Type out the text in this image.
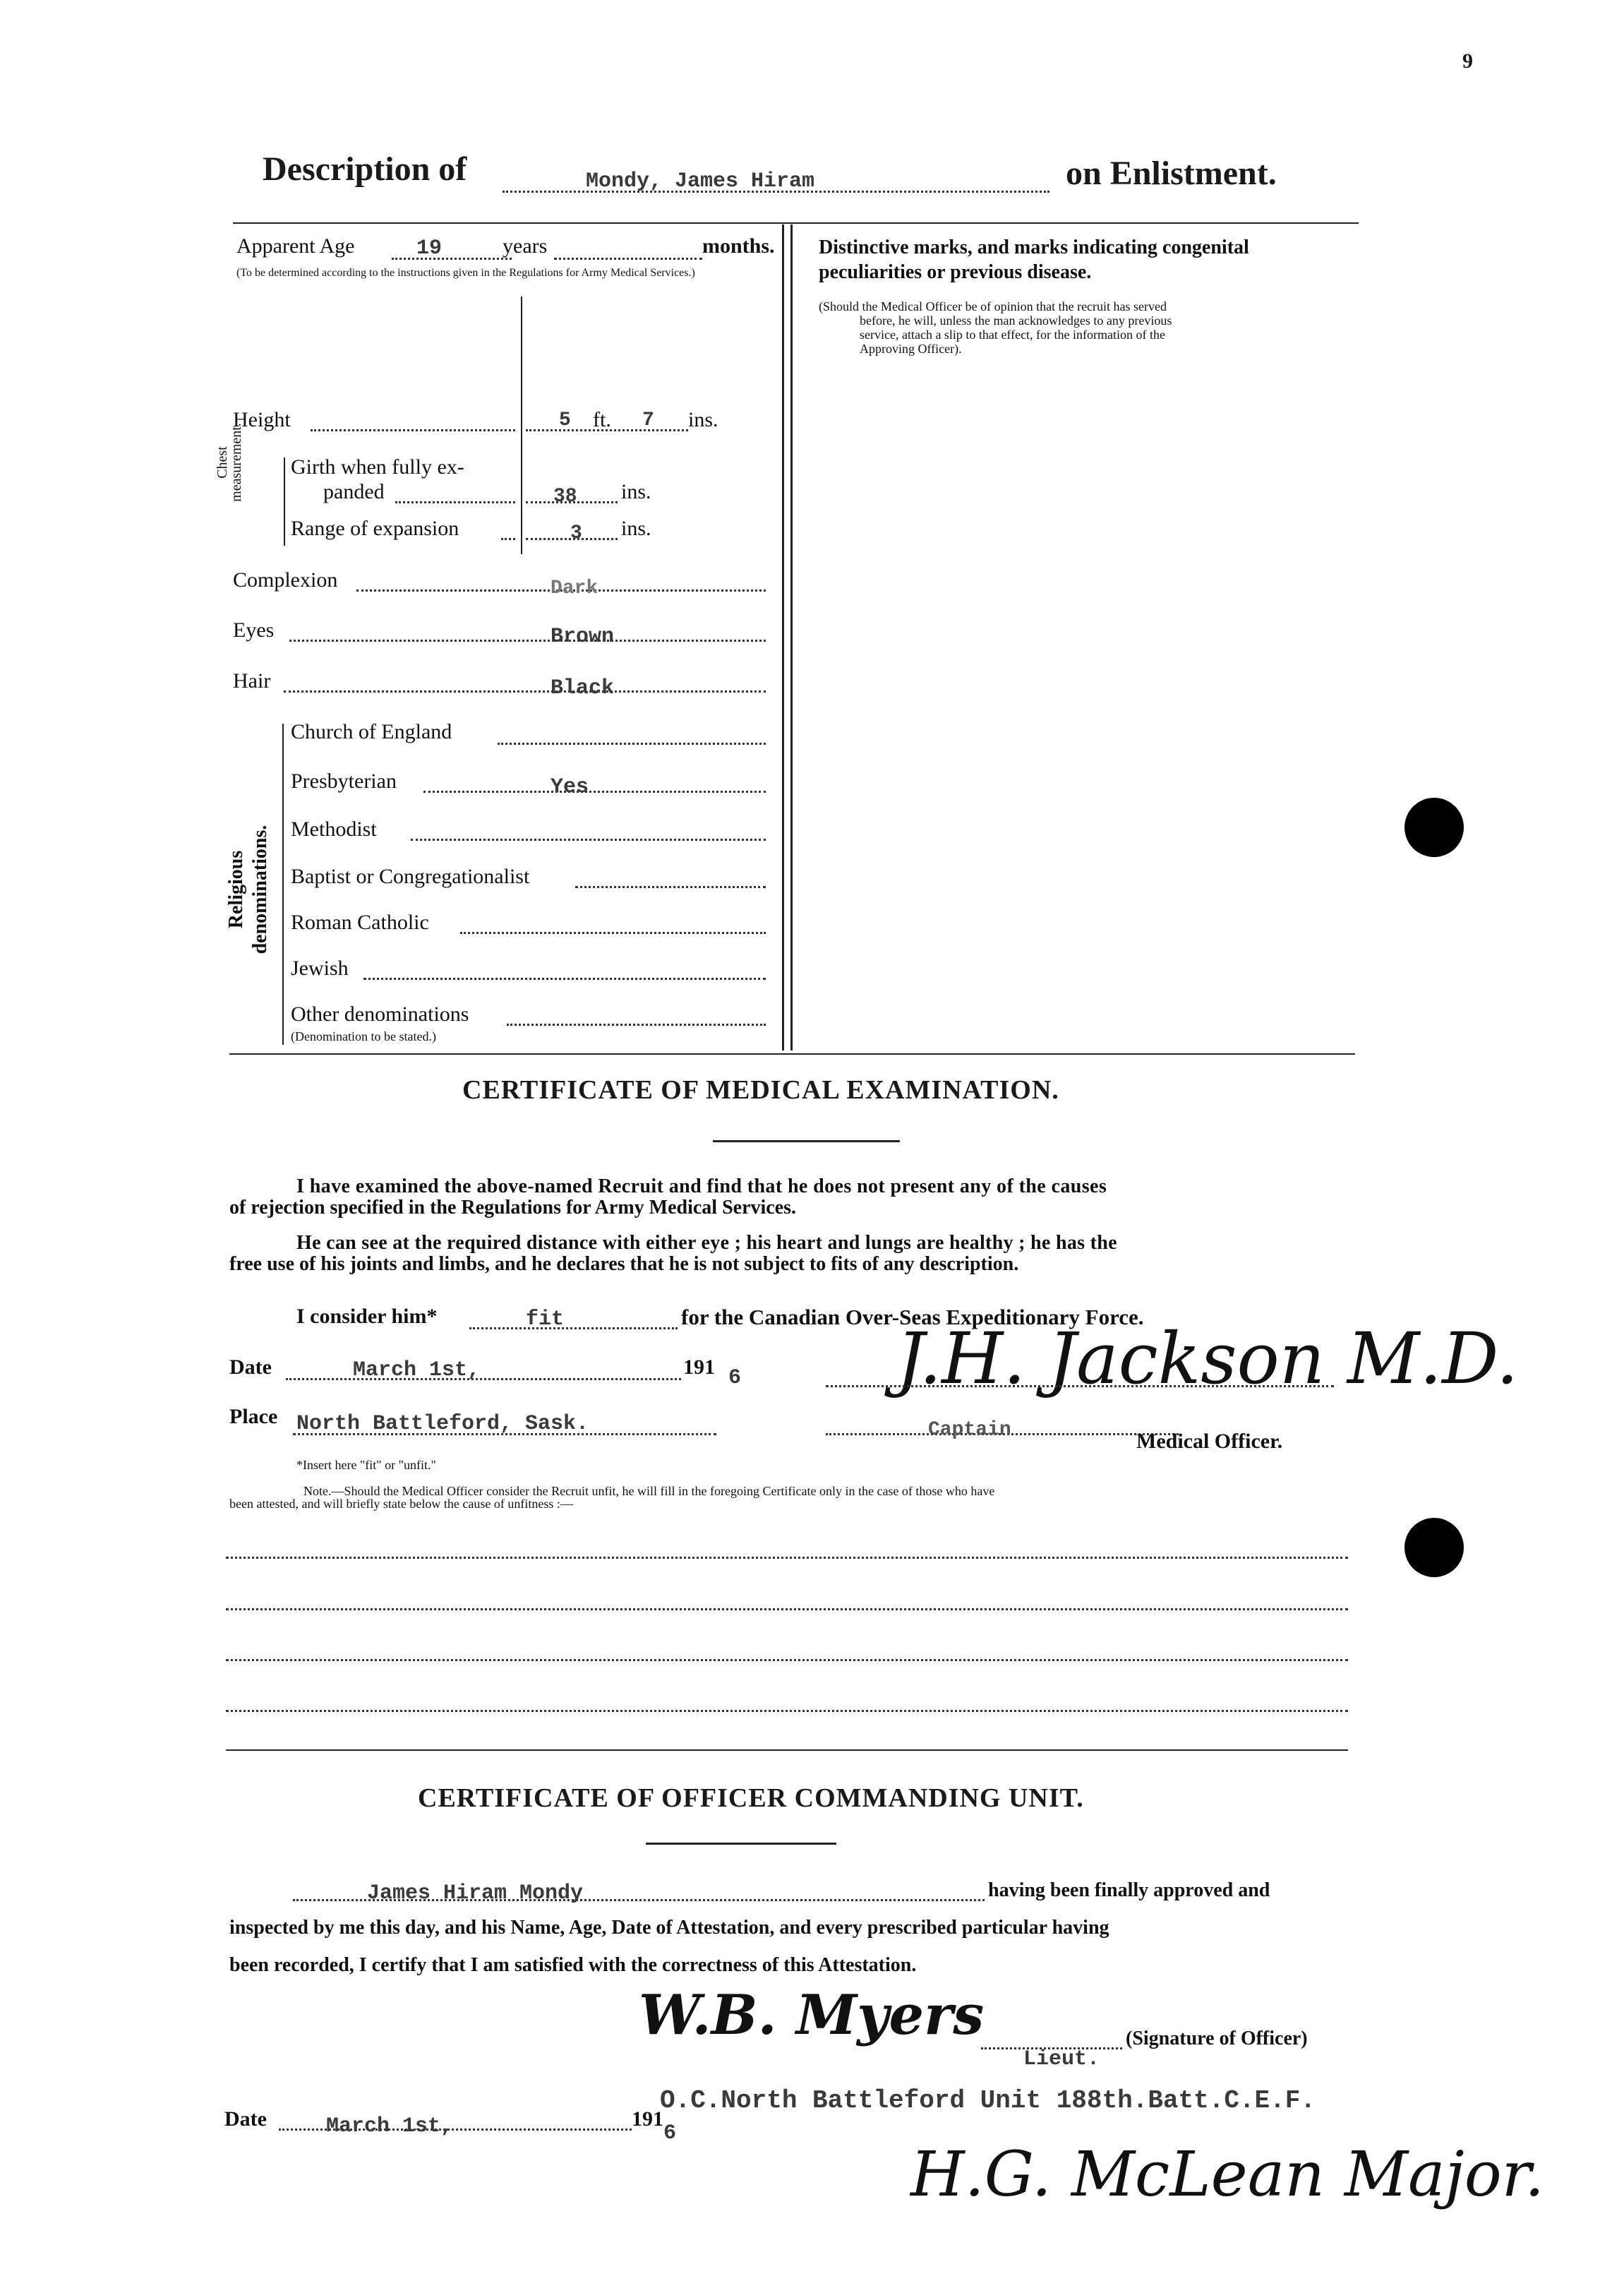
9
Description of	Mondy, James Hiram	on Enlistment.
Apparent Age	19	years	months.
(To be determined according to the instructions given in the Regulations for Army Medical Services.)
Height	5 ft. 7 ins.
Chest measurement. Girth when fully ex-
panded	38 ins.
Range of expansion	3 ins.
Complexion	Dark
Eyes	Brown
Hair	Black
Religious denominations.
Church of England
Presbyterian	Yes
Methodist
Baptist or Congregationalist
Roman Catholic
Jewish
Other denominations
(Denomination to be stated.)
Distinctive marks, and marks indicating congenital
peculiarities or previous disease.
(Should the Medical Officer be of opinion that the recruit has served
before, he will, unless the man acknowledges to any previous
service, attach a slip to that effect, for the information of the
Approving Officer).
CERTIFICATE OF MEDICAL EXAMINATION.
I have examined the above-named Recruit and find that he does not present any of the causes
of rejection specified in the Regulations for Army Medical Services.
He can see at the required distance with either eye ; his heart and lungs are healthy ; he has the
free use of his joints and limbs, and he declares that he is not subject to fits of any description.
I consider him*	fit	for the Canadian Over-Seas Expeditionary Force.
Date	March 1st,	191 6 J.H. Jackson M.D.
Place North Battleford, Sask.	Captain	Medical Officer.
*Insert here "fit" or "unfit."
Note.—Should the Medical Officer consider the Recruit unfit, he will fill in the foregoing Certificate only in the case of those who have
been attested, and will briefly state below the cause of unfitness :—
CERTIFICATE OF OFFICER COMMANDING UNIT.
James Hiram Mondy	having been finally approved and
inspected by me this day, and his Name, Age, Date of Attestation, and every prescribed particular having
been recorded, I certify that I am satisfied with the correctness of this Attestation.
W.B. Myers	(Signature of Officer)
Lieut.
O.C.North Battleford Unit 188th.Batt.C.E.F.
Date	March 1st,	191
6
H.G. McLean Major.
